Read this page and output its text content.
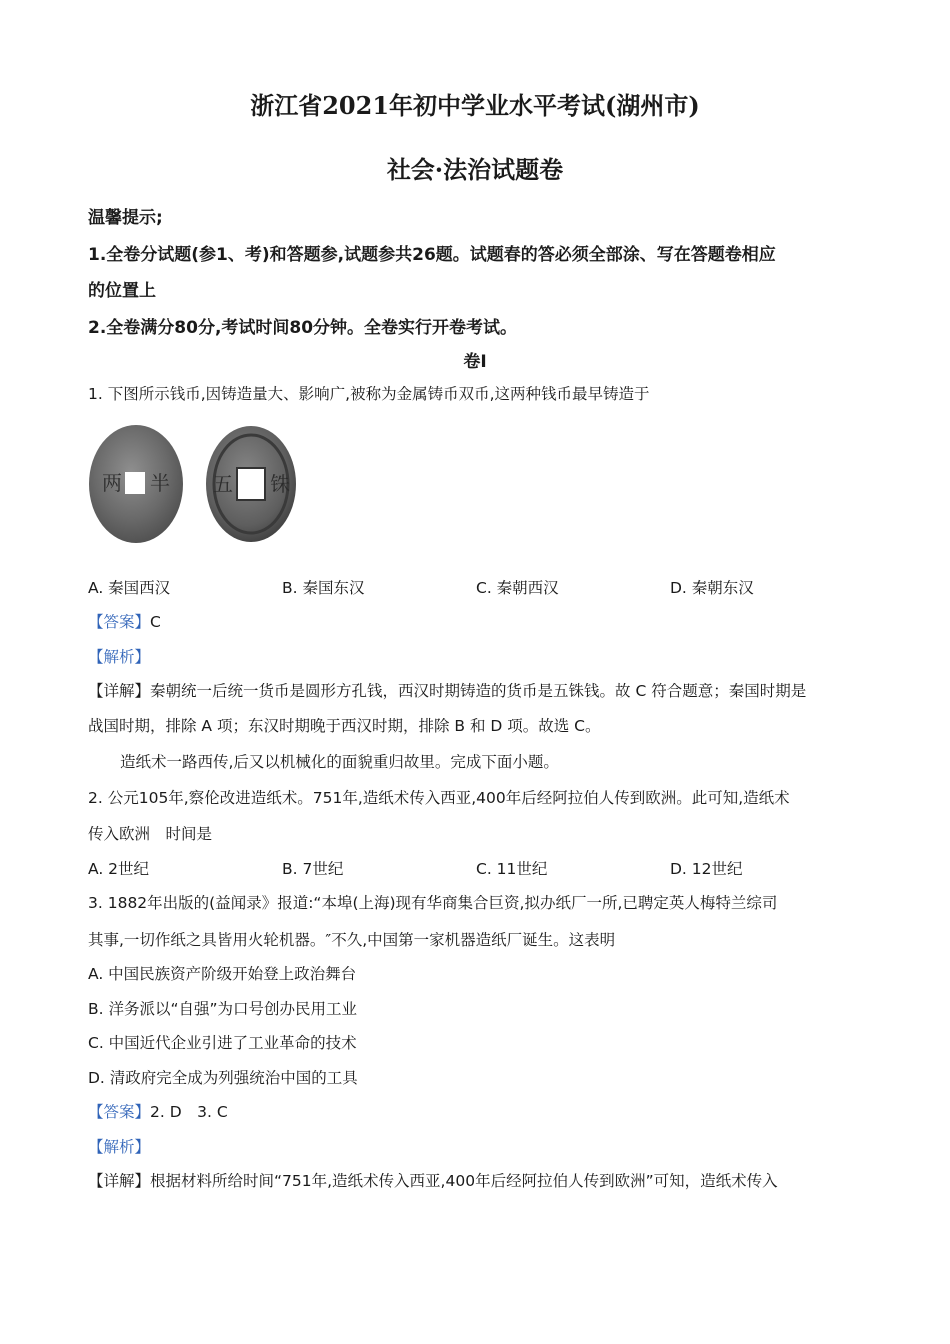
浙江省2021年初中学业水平考试(湖州市)
社会·法治试题卷
温馨提示;
1.全卷分试题(参1、考)和答题参,试题参共26题。试题春的答必须全部涂、写在答题卷相应
的位置上
2.全卷满分80分,考试时间80分钟。全卷实行开卷考试。
卷I
1. 下图所示钱币,因铸造量大、影响广,被称为金属铸币双币,这两种钱币最早铸造于
两 半 五 铢
A. 秦国西汉	B. 秦国东汉	C. 秦朝西汉	D. 秦朝东汉
【答案】C
【解析】
【详解】秦朝统一后统一货币是圆形方孔钱，西汉时期铸造的货币是五铢钱。故 C 符合题意；秦国时期是
战国时期，排除 A 项；东汉时期晚于西汉时期，排除 B 和 D 项。故选 C。
造纸术一路西传,后又以机械化的面貌重归故里。完成下面小题。
2. 公元105年,察伦改进造纸术。751年,造纸术传入西亚,400年后经阿拉伯人传到欧洲。此可知,造纸术
传入欧洲　时间是
A. 2世纪	B. 7世纪	C. 11世纪	D. 12世纪
3. 1882年出版的(益闻录》报道:“本埠(上海)现有华商集合巨资,拟办纸厂一所,已聘定英人梅特兰综司
其事,一切作纸之具皆用火轮机器。″不久,中国第一家机器造纸厂诞生。这表明
A. 中国民族资产阶级开始登上政治舞台
B. 洋务派以“自强”为口号创办民用工业
C. 中国近代企业引进了工业革命的技术
D. 清政府完全成为列强统治中国的工具
【答案】2. D　3. C
【解析】
【详解】根据材料所给时间“751年,造纸术传入西亚,400年后经阿拉伯人传到欧洲”可知，造纸术传入
